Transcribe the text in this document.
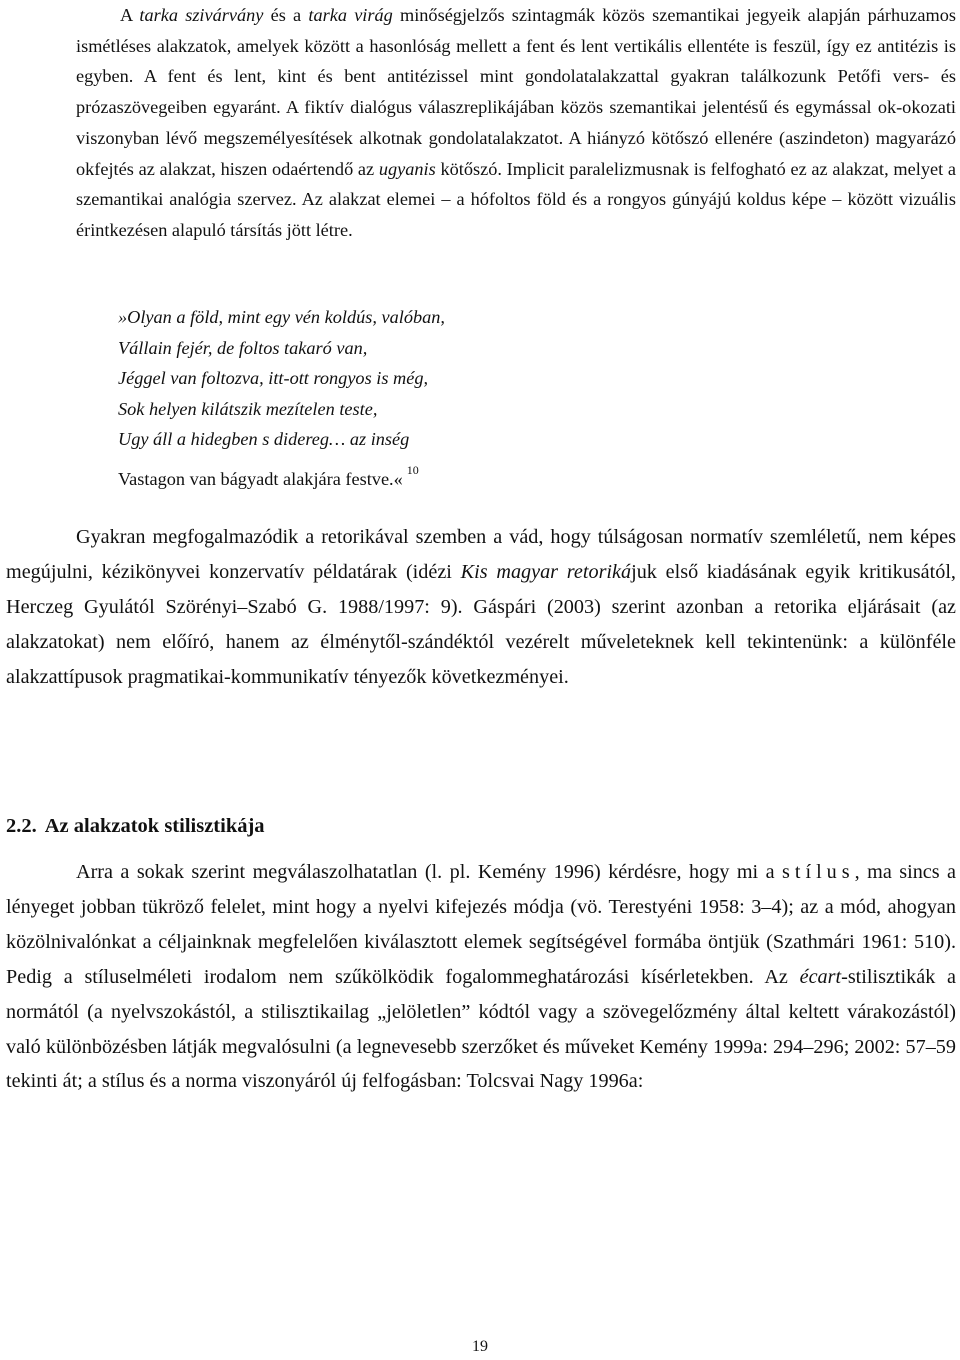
A tarka szivárvány és a tarka virág minőségjelzős szintagmák közös szemantikai jegyeik alapján párhuzamos ismétléses alakzatok, amelyek között a hasonlóság mellett a fent és lent vertikális ellentéte is feszül, így ez antitézis is egyben. A fent és lent, kint és bent antitézissel mint gondolatalakzattal gyakran találkozunk Petőfi vers- és prózaszövegeiben egyaránt. A fiktív dialógus válaszreplikájában közös szemantikai jelentésű és egymással ok-okozati viszonyban lévő megszemélyesítések alkotnak gondolatalakzatot. A hiányzó kötőszó ellenére (aszindeton) magyarázó okfejtés az alakzat, hiszen odaértendő az ugyanis kötőszó. Implicit paralelizmusnak is felfogható ez az alakzat, melyet a szemantikai analógia szervez. Az alakzat elemei – a hófoltos föld és a rongyos gúnyájú koldus képe – között vizuális érintkezésen alapuló társítás jött létre.

»Olyan a föld, mint egy vén koldús, valóban,
Vállain fejér, de foltos takaró van,
Jéggel van foltozva, itt-ott rongyos is még,
Sok helyen kilátszik mezítelen teste,
Ugy áll a hidegben s didereg… az inség
Vastagon van bágyadt alakjára festve.« $^{10}$

Gyakran megfogalmazódik a retorikával szemben a vád, hogy túlságosan normatív szemléletű, nem képes megújulni, kézikönyvei konzervatív példatárak (idézi Kis magyar retorikájuk első kiadásának egyik kritikusától, Herczeg Gyulától Szörényi–Szabó G. 1988/1997: 9). Gáspári (2003) szerint azonban a retorika eljárásait (az alakzatokat) nem előíró, hanem az élménytől-szándéktól vezérelt műveleteknek kell tekintenünk: a különféle alakzattípusok pragmatikai-kommunikatív tényezők következményei.

2.2. Az alakzatok stilisztikája

Arra a sokak szerint megválaszolhatatlan (l. pl. Kemény 1996) kérdésre, hogy mi a stílus, ma sincs a lényeget jobban tükröző felelet, mint hogy a nyelvi kifejezés módja (vö. Terestyéni 1958: 3–4); az a mód, ahogyan közölnivalónkat a céljainknak megfelelően kiválasztott elemek segítségével formába öntjük (Szathmári 1961: 510). Pedig a stíluselméleti irodalom nem szűkölködik fogalommeghatározási kísérletekben. Az écart-stilisztikák a normától (a nyelvszokástól, a stilisztikailag „jelöletlen” kódtól vagy a szövegelőzmény által keltett várakozástól) való különbözésben látják megvalósulni (a legnevesebb szerzőket és műveket Kemény 1999a: 294–296; 2002: 57–59 tekinti át; a stílus és a norma viszonyáról új felfogásban: Tolcsvai Nagy 1996a:

19
